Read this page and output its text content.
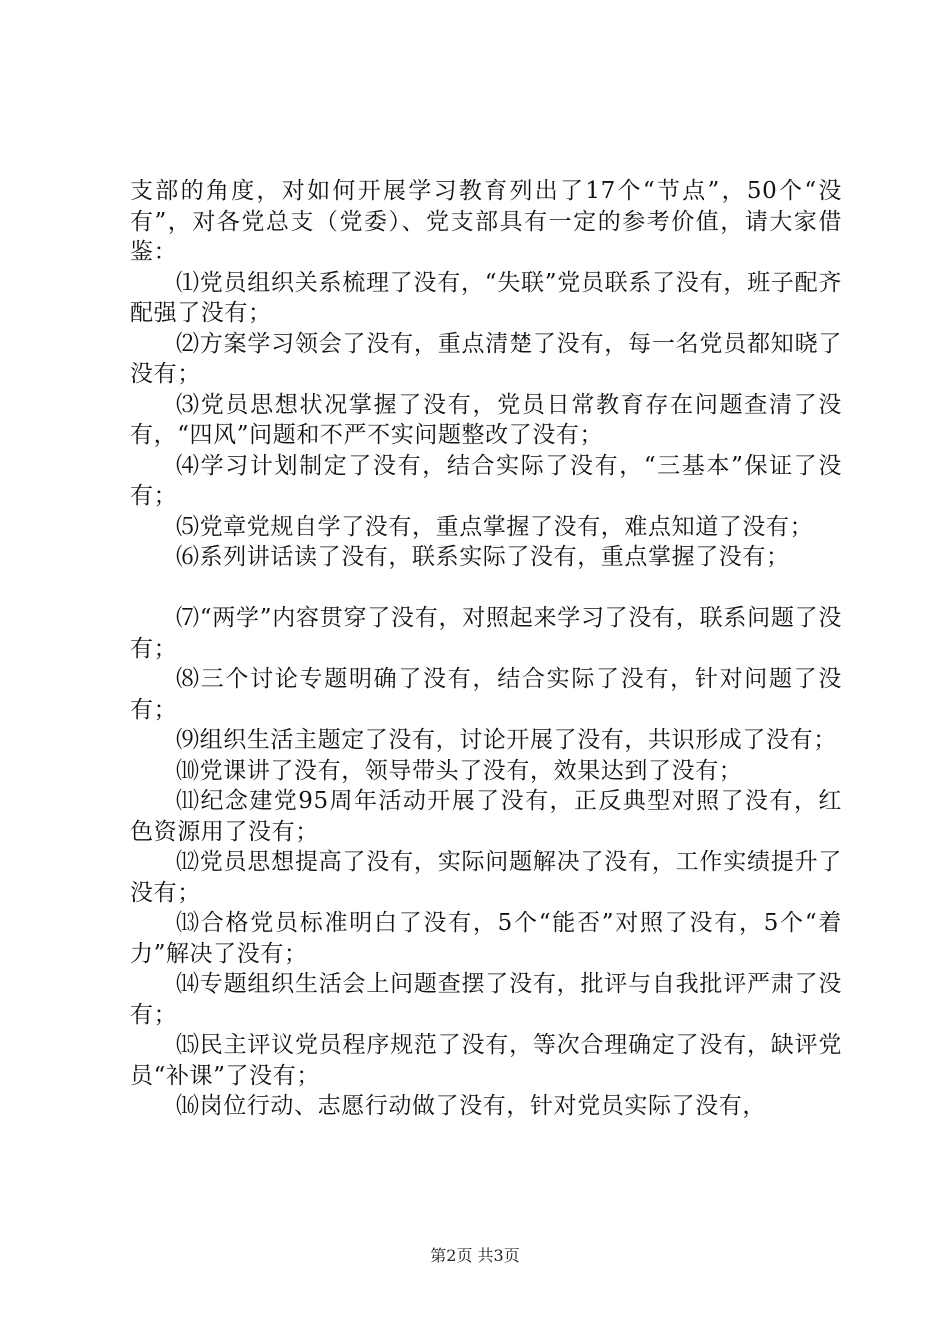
支部的角度，对如何开展学习教育列出了17个“节点”，50个“没有”，对各党总支（党委）、党支部具有一定的参考价值，请大家借鉴：

⑴党员组织关系梳理了没有，“失联”党员联系了没有，班子配齐配强了没有；

⑵方案学习领会了没有，重点清楚了没有，每一名党员都知晓了没有；

⑶党员思想状况掌握了没有，党员日常教育存在问题查清了没有，“四风”问题和不严不实问题整改了没有；

⑷学习计划制定了没有，结合实际了没有，“三基本”保证了没有；

⑸党章党规自学了没有，重点掌握了没有，难点知道了没有；

⑹系列讲话读了没有，联系实际了没有，重点掌握了没有；

⑺“两学”内容贯穿了没有，对照起来学习了没有，联系问题了没有；

⑻三个讨论专题明确了没有，结合实际了没有，针对问题了没有；

⑼组织生活主题定了没有，讨论开展了没有，共识形成了没有；

⑽党课讲了没有，领导带头了没有，效果达到了没有；

⑾纪念建党95周年活动开展了没有，正反典型对照了没有，红色资源用了没有；

⑿党员思想提高了没有，实际问题解决了没有，工作实绩提升了没有；

⒀合格党员标准明白了没有，5个“能否”对照了没有，5个“着力”解决了没有；

⒁专题组织生活会上问题查摆了没有，批评与自我批评严肃了没有；

⒂民主评议党员程序规范了没有，等次合理确定了没有，缺评党员“补课”了没有；

⒃岗位行动、志愿行动做了没有，针对党员实际了没有，

第2页 共3页
